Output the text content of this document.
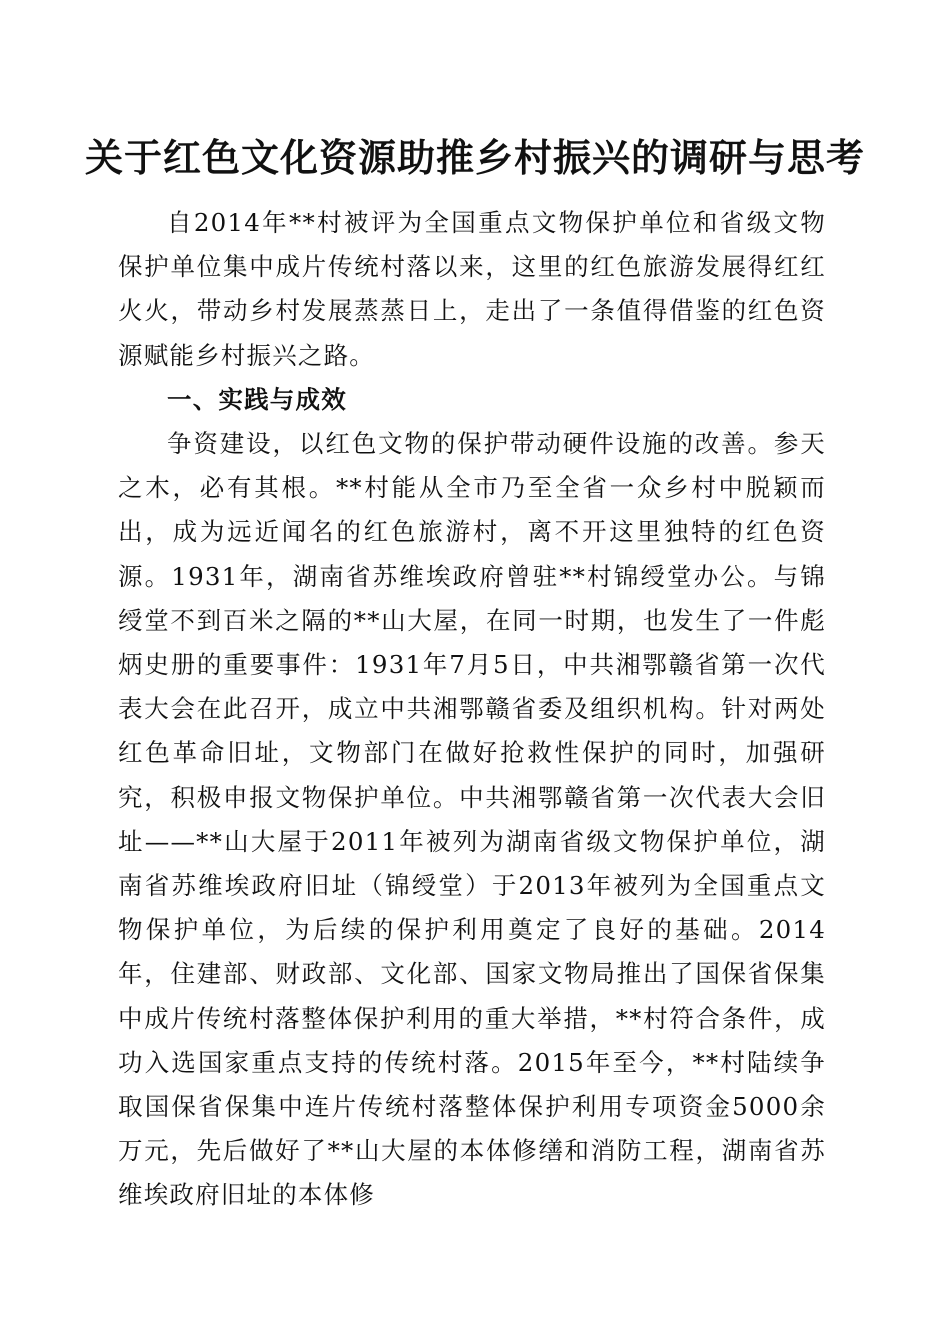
关于红色文化资源助推乡村振兴的调研与思考

自2014年**村被评为全国重点文物保护单位和省级文物保护单位集中成片传统村落以来，这里的红色旅游发展得红红火火，带动乡村发展蒸蒸日上，走出了一条值得借鉴的红色资源赋能乡村振兴之路。

一、实践与成效

争资建设，以红色文物的保护带动硬件设施的改善。参天之木，必有其根。**村能从全市乃至全省一众乡村中脱颖而出，成为远近闻名的红色旅游村，离不开这里独特的红色资源。1931年，湖南省苏维埃政府曾驻**村锦绶堂办公。与锦绶堂不到百米之隔的**山大屋，在同一时期，也发生了一件彪炳史册的重要事件：1931年7月5日，中共湘鄂赣省第一次代表大会在此召开，成立中共湘鄂赣省委及组织机构。针对两处红色革命旧址，文物部门在做好抢救性保护的同时，加强研究，积极申报文物保护单位。中共湘鄂赣省第一次代表大会旧址——**山大屋于2011年被列为湖南省级文物保护单位，湖南省苏维埃政府旧址（锦绶堂）于2013年被列为全国重点文物保护单位，为后续的保护利用奠定了良好的基础。2014年，住建部、财政部、文化部、国家文物局推出了国保省保集中成片传统村落整体保护利用的重大举措，**村符合条件，成功入选国家重点支持的传统村落。2015年至今，**村陆续争取国保省保集中连片传统村落整体保护利用专项资金5000余万元，先后做好了**山大屋的本体修缮和消防工程，湖南省苏维埃政府旧址的本体修
